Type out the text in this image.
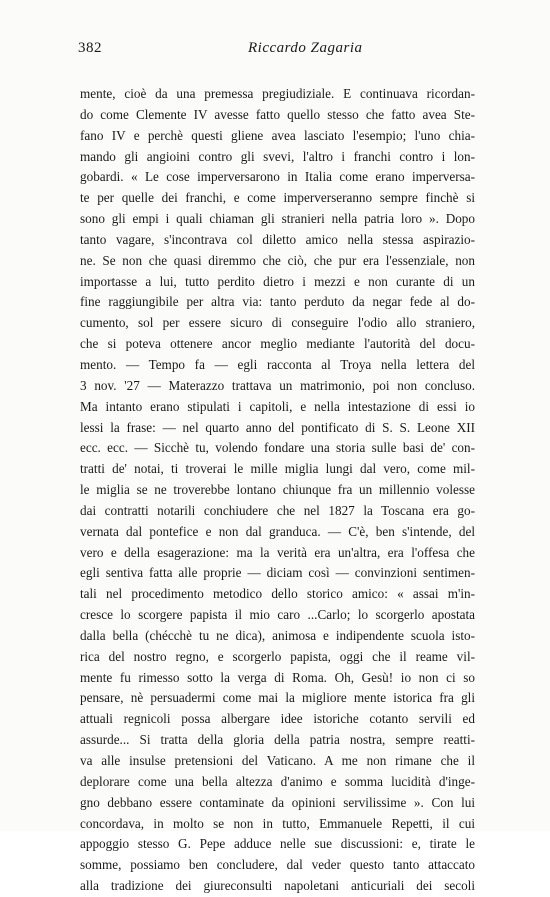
382	Riccardo Zagaria
mente, cioè da una premessa pregiudiziale. E continuava ricordan-
do come Clemente IV avesse fatto quello stesso che fatto avea Ste-
fano IV e perchè questi gliene avea lasciato l'esempio; l'uno chia-
mando gli angioini contro gli svevi, l'altro i franchi contro i lon-
gobardi. « Le cose imperversarono in Italia come erano imperversa-
te per quelle dei franchi, e come imperverseranno sempre finchè si
sono gli empi i quali chiaman gli stranieri nella patria loro ». Dopo
tanto vagare, s'incontrava col diletto amico nella stessa aspirazio-
ne. Se non che quasi diremmo che ciò, che pur era l'essenziale, non
importasse a lui, tutto perdito dietro i mezzi e non curante di un
fine raggiungibile per altra via: tanto perduto da negar fede al do-
cumento, sol per essere sicuro di conseguire l'odio allo straniero,
che si poteva ottenere ancor meglio mediante l'autorità del docu-
mento. — Tempo fa — egli racconta al Troya nella lettera del
3 nov. '27 — Materazzo trattava un matrimonio, poi non concluso.
Ma intanto erano stipulati i capitoli, e nella intestazione di essi io
lessi la frase: — nel quarto anno del pontificato di S. S. Leone XII
ecc. ecc. — Sicchè tu, volendo fondare una storia sulle basi de' con-
tratti de' notai, ti troverai le mille miglia lungi dal vero, come mil-
le miglia se ne troverebbe lontano chiunque fra un millennio volesse
dai contratti notarili conchiudere che nel 1827 la Toscana era go-
vernata dal pontefice e non dal granduca. — C'è, ben s'intende, del
vero e della esagerazione: ma la verità era un'altra, era l'offesa che
egli sentiva fatta alle proprie — diciam così — convinzioni sentimen-
tali nel procedimento metodico dello storico amico: « assai m'in-
cresce lo scorgere papista il mio caro ...Carlo; lo scorgerlo apostata
dalla bella (chécchè tu ne dica), animosa e indipendente scuola isto-
rica del nostro regno, e scorgerlo papista, oggi che il reame vil-
mente fu rimesso sotto la verga di Roma. Oh, Gesù! io non ci so
pensare, nè persuadermi come mai la migliore mente istorica fra gli
attuali regnicoli possa albergare idee istoriche cotanto servili ed
assurde... Si tratta della gloria della patria nostra, sempre reatti-
va alle insulse pretensioni del Vaticano. A me non rimane che il
deplorare come una bella altezza d'animo e somma lucidità d'inge-
gno debbano essere contaminate da opinioni servilissime ». Con lui
concordava, in molto se non in tutto, Emmanuele Repetti, il cui
appoggio stesso G. Pepe adduce nelle sue discussioni: e, tirate le
somme, possiamo ben concludere, dal veder questo tanto attaccato
alla tradizione dei giureconsulti napoletani anticuriali dei secoli
